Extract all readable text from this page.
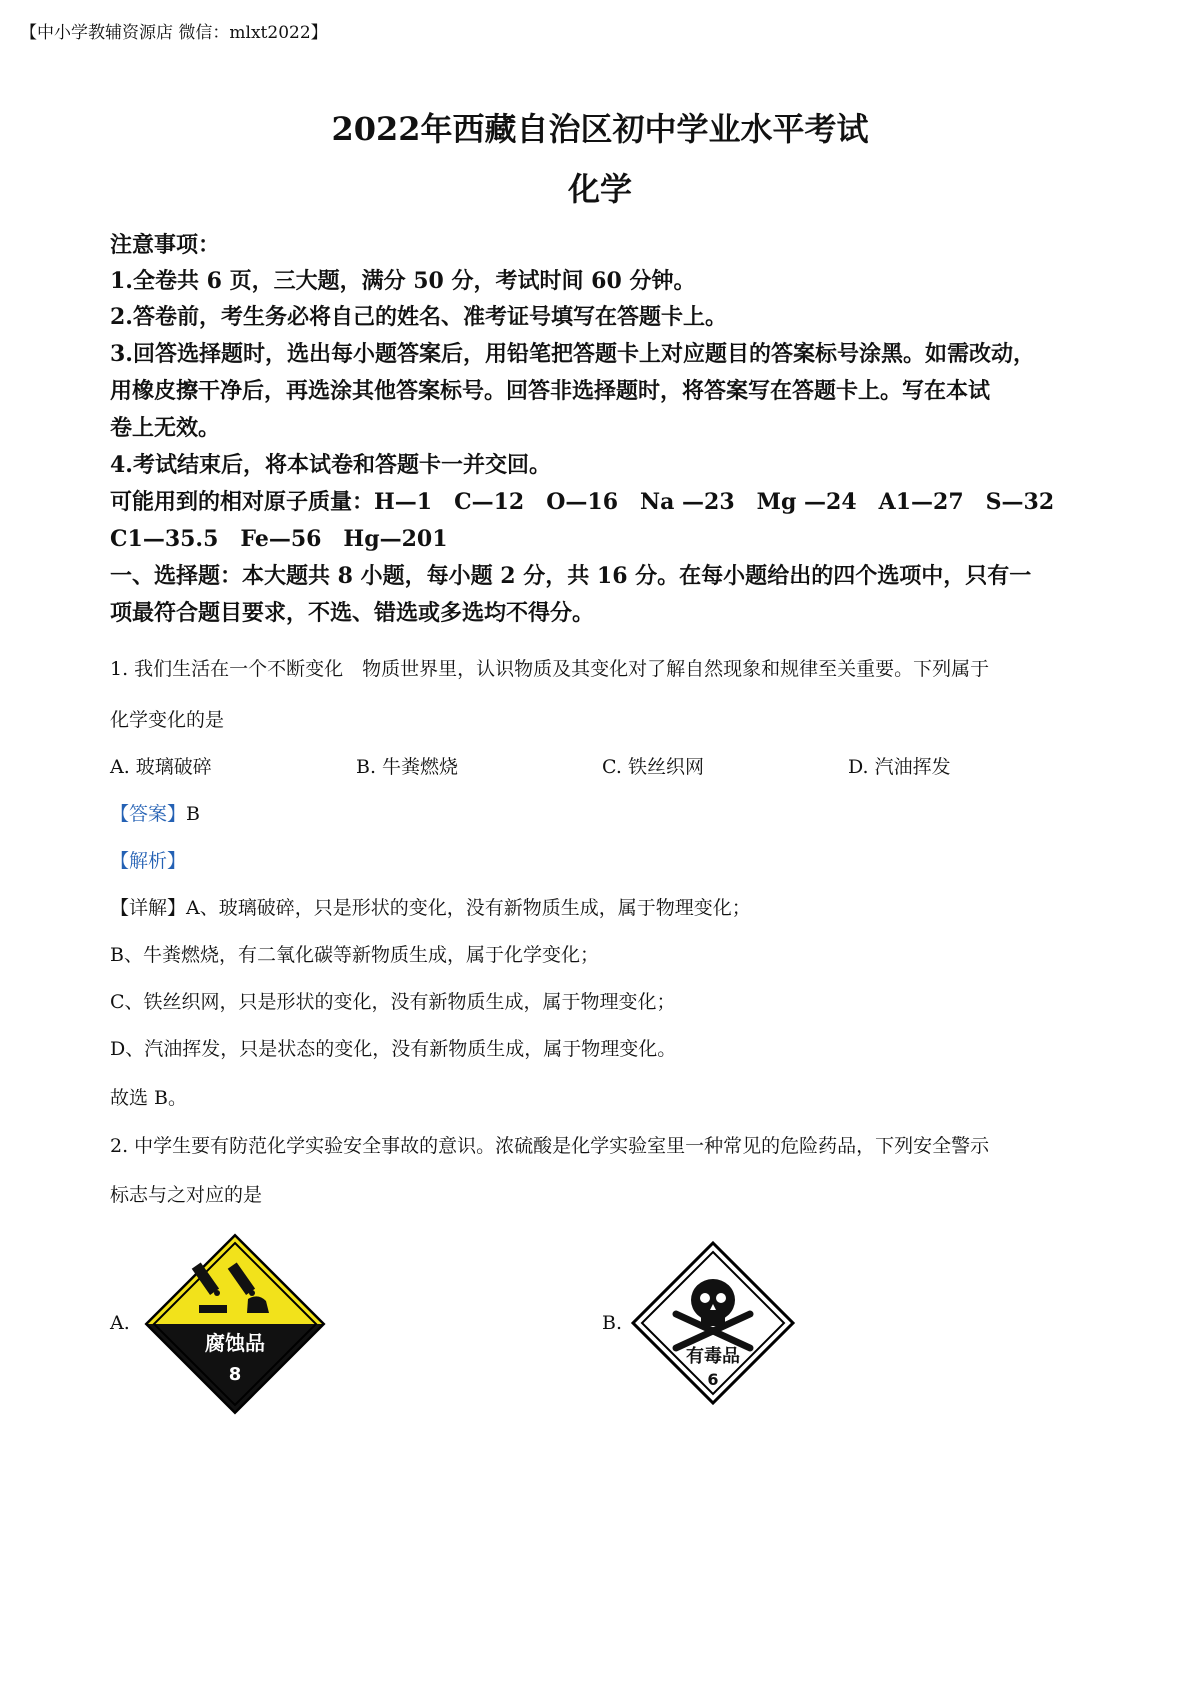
【中小学教辅资源店 微信：mlxt2022】
2022年西藏自治区初中学业水平考试
化学
注意事项：
1.全卷共 6 页，三大题，满分 50 分，考试时间 60 分钟。
2.答卷前，考生务必将自己的姓名、准考证号填写在答题卡上。
3.回答选择题时，选出每小题答案后，用铅笔把答题卡上对应题目的答案标号涂黑。如需改动，
用橡皮擦干净后，再选涂其他答案标号。回答非选择题时，将答案写在答题卡上。写在本试
卷上无效。
4.考试结束后，将本试卷和答题卡一并交回。
可能用到的相对原子质量：H—1　C—12　O—16　Na —23　Mg —24　A1—27　S—32
C1—35.5　Fe—56　Hg—201
一、选择题：本大题共 8 小题，每小题 2 分，共 16 分。在每小题给出的四个选项中，只有一
项最符合题目要求，不选、错选或多选均不得分。
1. 我们生活在一个不断变化　物质世界里，认识物质及其变化对了解自然现象和规律至关重要。下列属于
化学变化的是
A. 玻璃破碎	B. 牛粪燃烧	C. 铁丝织网	D. 汽油挥发
【答案】B
【解析】
【详解】A、玻璃破碎，只是形状的变化，没有新物质生成，属于物理变化；
B、牛粪燃烧，有二氧化碳等新物质生成，属于化学变化；
C、铁丝织网，只是形状的变化，没有新物质生成，属于物理变化；
D、汽油挥发，只是状态的变化，没有新物质生成，属于物理变化。
故选 B。
2. 中学生要有防范化学实验安全事故的意识。浓硫酸是化学实验室里一种常见的危险药品，下列安全警示
标志与之对应的是
A.	B.
腐蚀品
8
有毒品
6
